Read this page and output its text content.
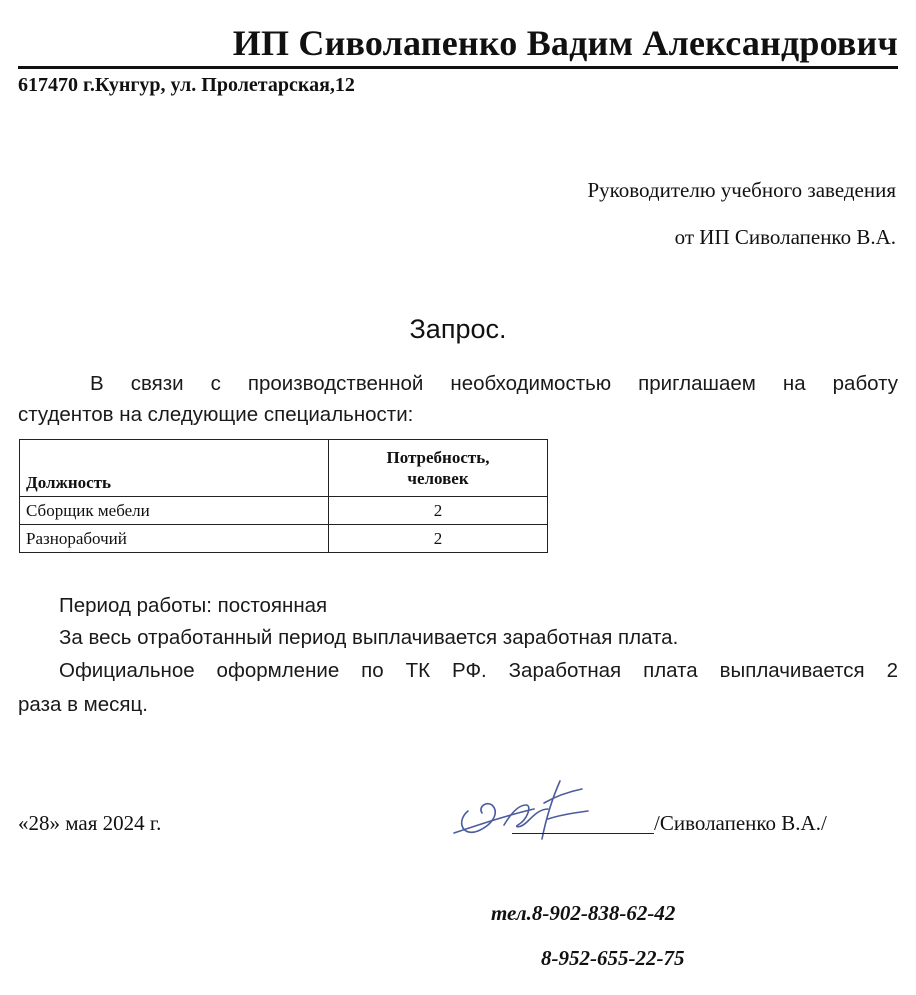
ИП Сиволапенко Вадим Александрович
617470 г.Кунгур, ул. Пролетарская,12
Руководителю учебного заведения
от ИП Сиволапенко В.А.
Запрос.
В связи с производственной необходимостью приглашаем на работу
студентов на следующие специальности:
Должность	Потребность,
человек
Сборщик мебели	2
Разнорабочий	2
Период работы: постоянная
За весь отработанный период выплачивается заработная плата.
Официальное оформление по ТК РФ. Заработная плата выплачивается 2
раза в месяц.
«28» мая 2024 г.	/Сиволапенко В.А./
тел.8-902-838-62-42
8-952-655-22-75
